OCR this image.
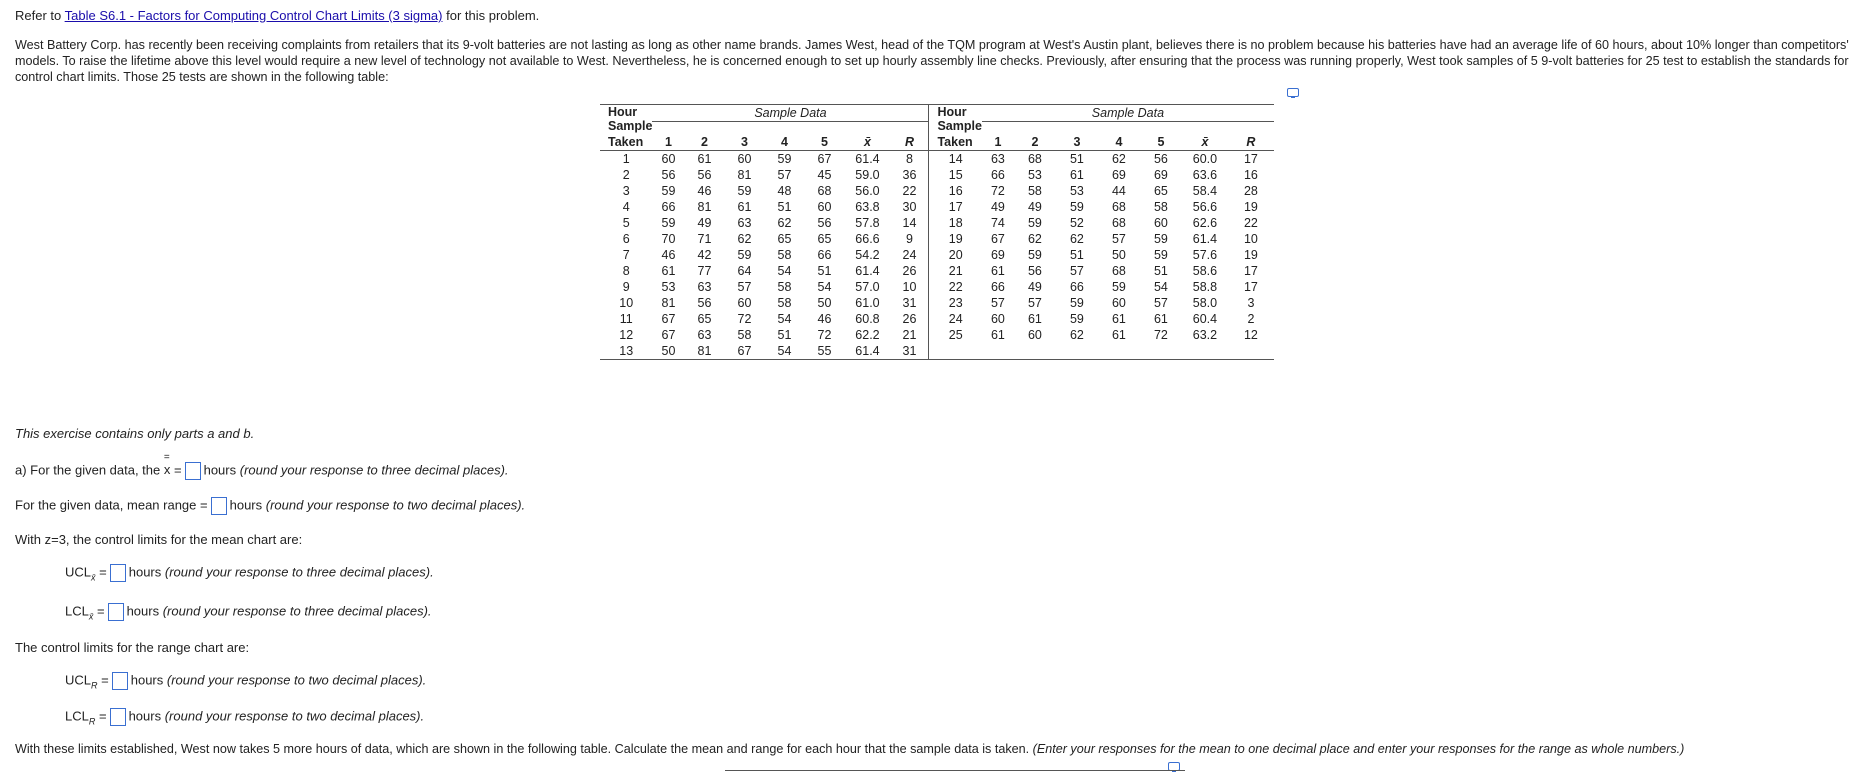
Refer to Table S6.1 - Factors for Computing Control Chart Limits (3 sigma) for this problem.
West Battery Corp. has recently been receiving complaints from retailers that its 9-volt batteries are not lasting as long as other name brands. James West, head of the TQM program at West's Austin plant, believes there is no problem because his batteries have had an average life of 60 hours, about 10% longer than competitors' models. To raise the lifetime above this level would require a new level of technology not available to West. Nevertheless, he is concerned enough to set up hourly assembly line checks. Previously, after ensuring that the process was running properly, West took samples of 5 9-volt batteries for 25 test to establish the standards for control chart limits. Those 25 tests are shown in the following table:
	Sample Data								Sample Data						

Hour
Sample
Taken	1	2	3	4	5	x̄	R	Hour
Sample
Taken	1	2	3	4	5	x̄	R
1	60	61	60	59	67	61.4	8	14	63	68	51	62	56	60.0	17
2	56	56	81	57	45	59.0	36	15	66	53	61	69	69	63.6	16
3	59	46	59	48	68	56.0	22	16	72	58	53	44	65	58.4	28
4	66	81	61	51	60	63.8	30	17	49	49	59	68	58	56.6	19
5	59	49	63	62	56	57.8	14	18	74	59	52	68	60	62.6	22
6	70	71	62	65	65	66.6	9	19	67	62	62	57	59	61.4	10
7	46	42	59	58	66	54.2	24	20	69	59	51	50	59	57.6	19
8	61	77	64	54	51	61.4	26	21	61	56	57	68	51	58.6	17
9	53	63	57	58	54	57.0	10	22	66	49	66	59	54	58.8	17
10	81	56	60	58	50	61.0	31	23	57	57	59	60	57	58.0	3
11	67	65	72	54	46	60.8	26	24	60	61	59	61	61	60.4	2
12	67	63	58	51	72	62.2	21	25	61	60	62	61	72	63.2	12
13	50	81	67	54	55	61.4	31								
This exercise contains only parts a and b.
a) For the given data, the = x = hours (round your response to three decimal places).
For the given data, mean range = hours (round your response to two decimal places).
With z=3, the control limits for the mean chart are:
$UCL_{x̄}$ = hours (round your response to three decimal places).
$LCL_{x̄}$ = hours (round your response to three decimal places).
The control limits for the range chart are:
$UCL_R$ = hours (round your response to two decimal places).
$LCL_R$ = hours (round your response to two decimal places).
With these limits established, West now takes 5 more hours of data, which are shown in the following table. Calculate the mean and range for each hour that the sample data is taken. (Enter your responses for the mean to one decimal place and enter your responses for the range as whole numbers.)
